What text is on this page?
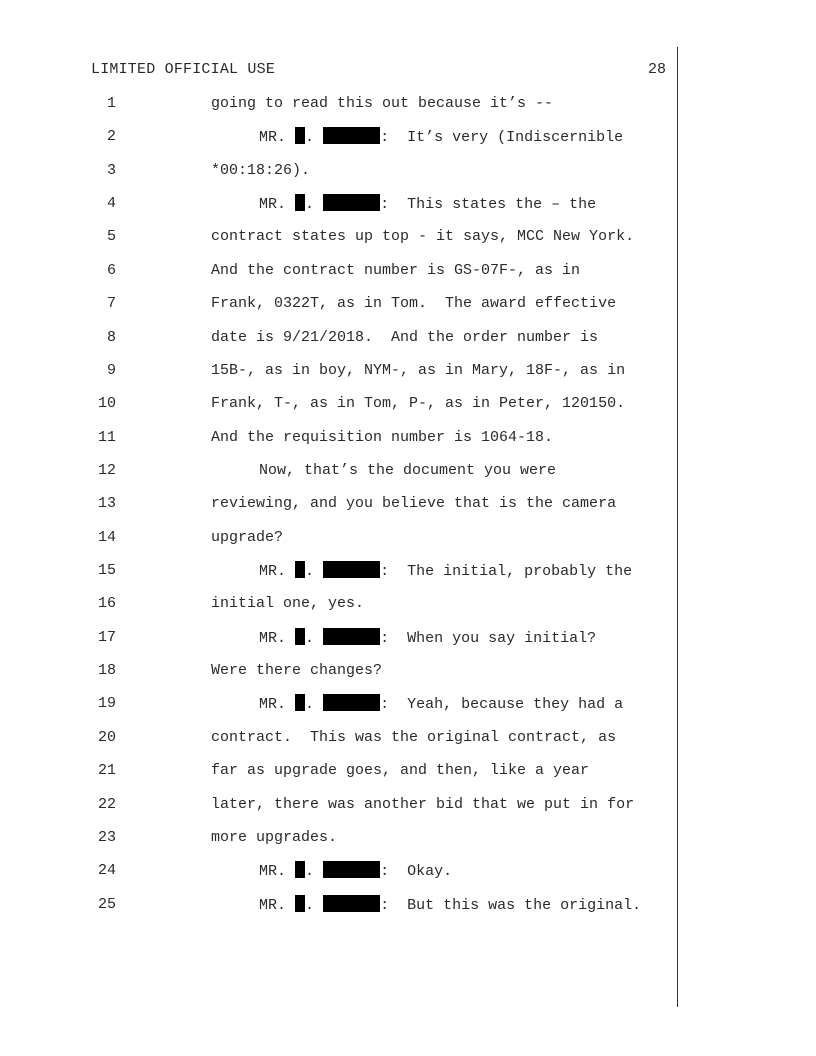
LIMITED OFFICIAL USE	28
1	going to read this out because it’s --
2	MR. .	: It’s very (Indiscernible
3	*00:18:26).
4	MR. .	: This states the – the
5	contract states up top - it says, MCC New York.
6	And the contract number is GS-07F-, as in
7	Frank, 0322T, as in Tom.  The award effective
8	date is 9/21/2018.  And the order number is
9	15B-, as in boy, NYM-, as in Mary, 18F-, as in
10	Frank, T-, as in Tom, P-, as in Peter, 120150.
11	And the requisition number is 1064-18.
12	Now, that’s the document you were
13	reviewing, and you believe that is the camera
14	upgrade?
15	MR. .	: The initial, probably the
16	initial one, yes.
17	MR. .	: When you say initial?
18	Were there changes?
19	MR. .	: Yeah, because they had a
20	contract.  This was the original contract, as
21	far as upgrade goes, and then, like a year
22	later, there was another bid that we put in for
23	more upgrades.
24	MR. .	: Okay.
25	MR. .	: But this was the original.
